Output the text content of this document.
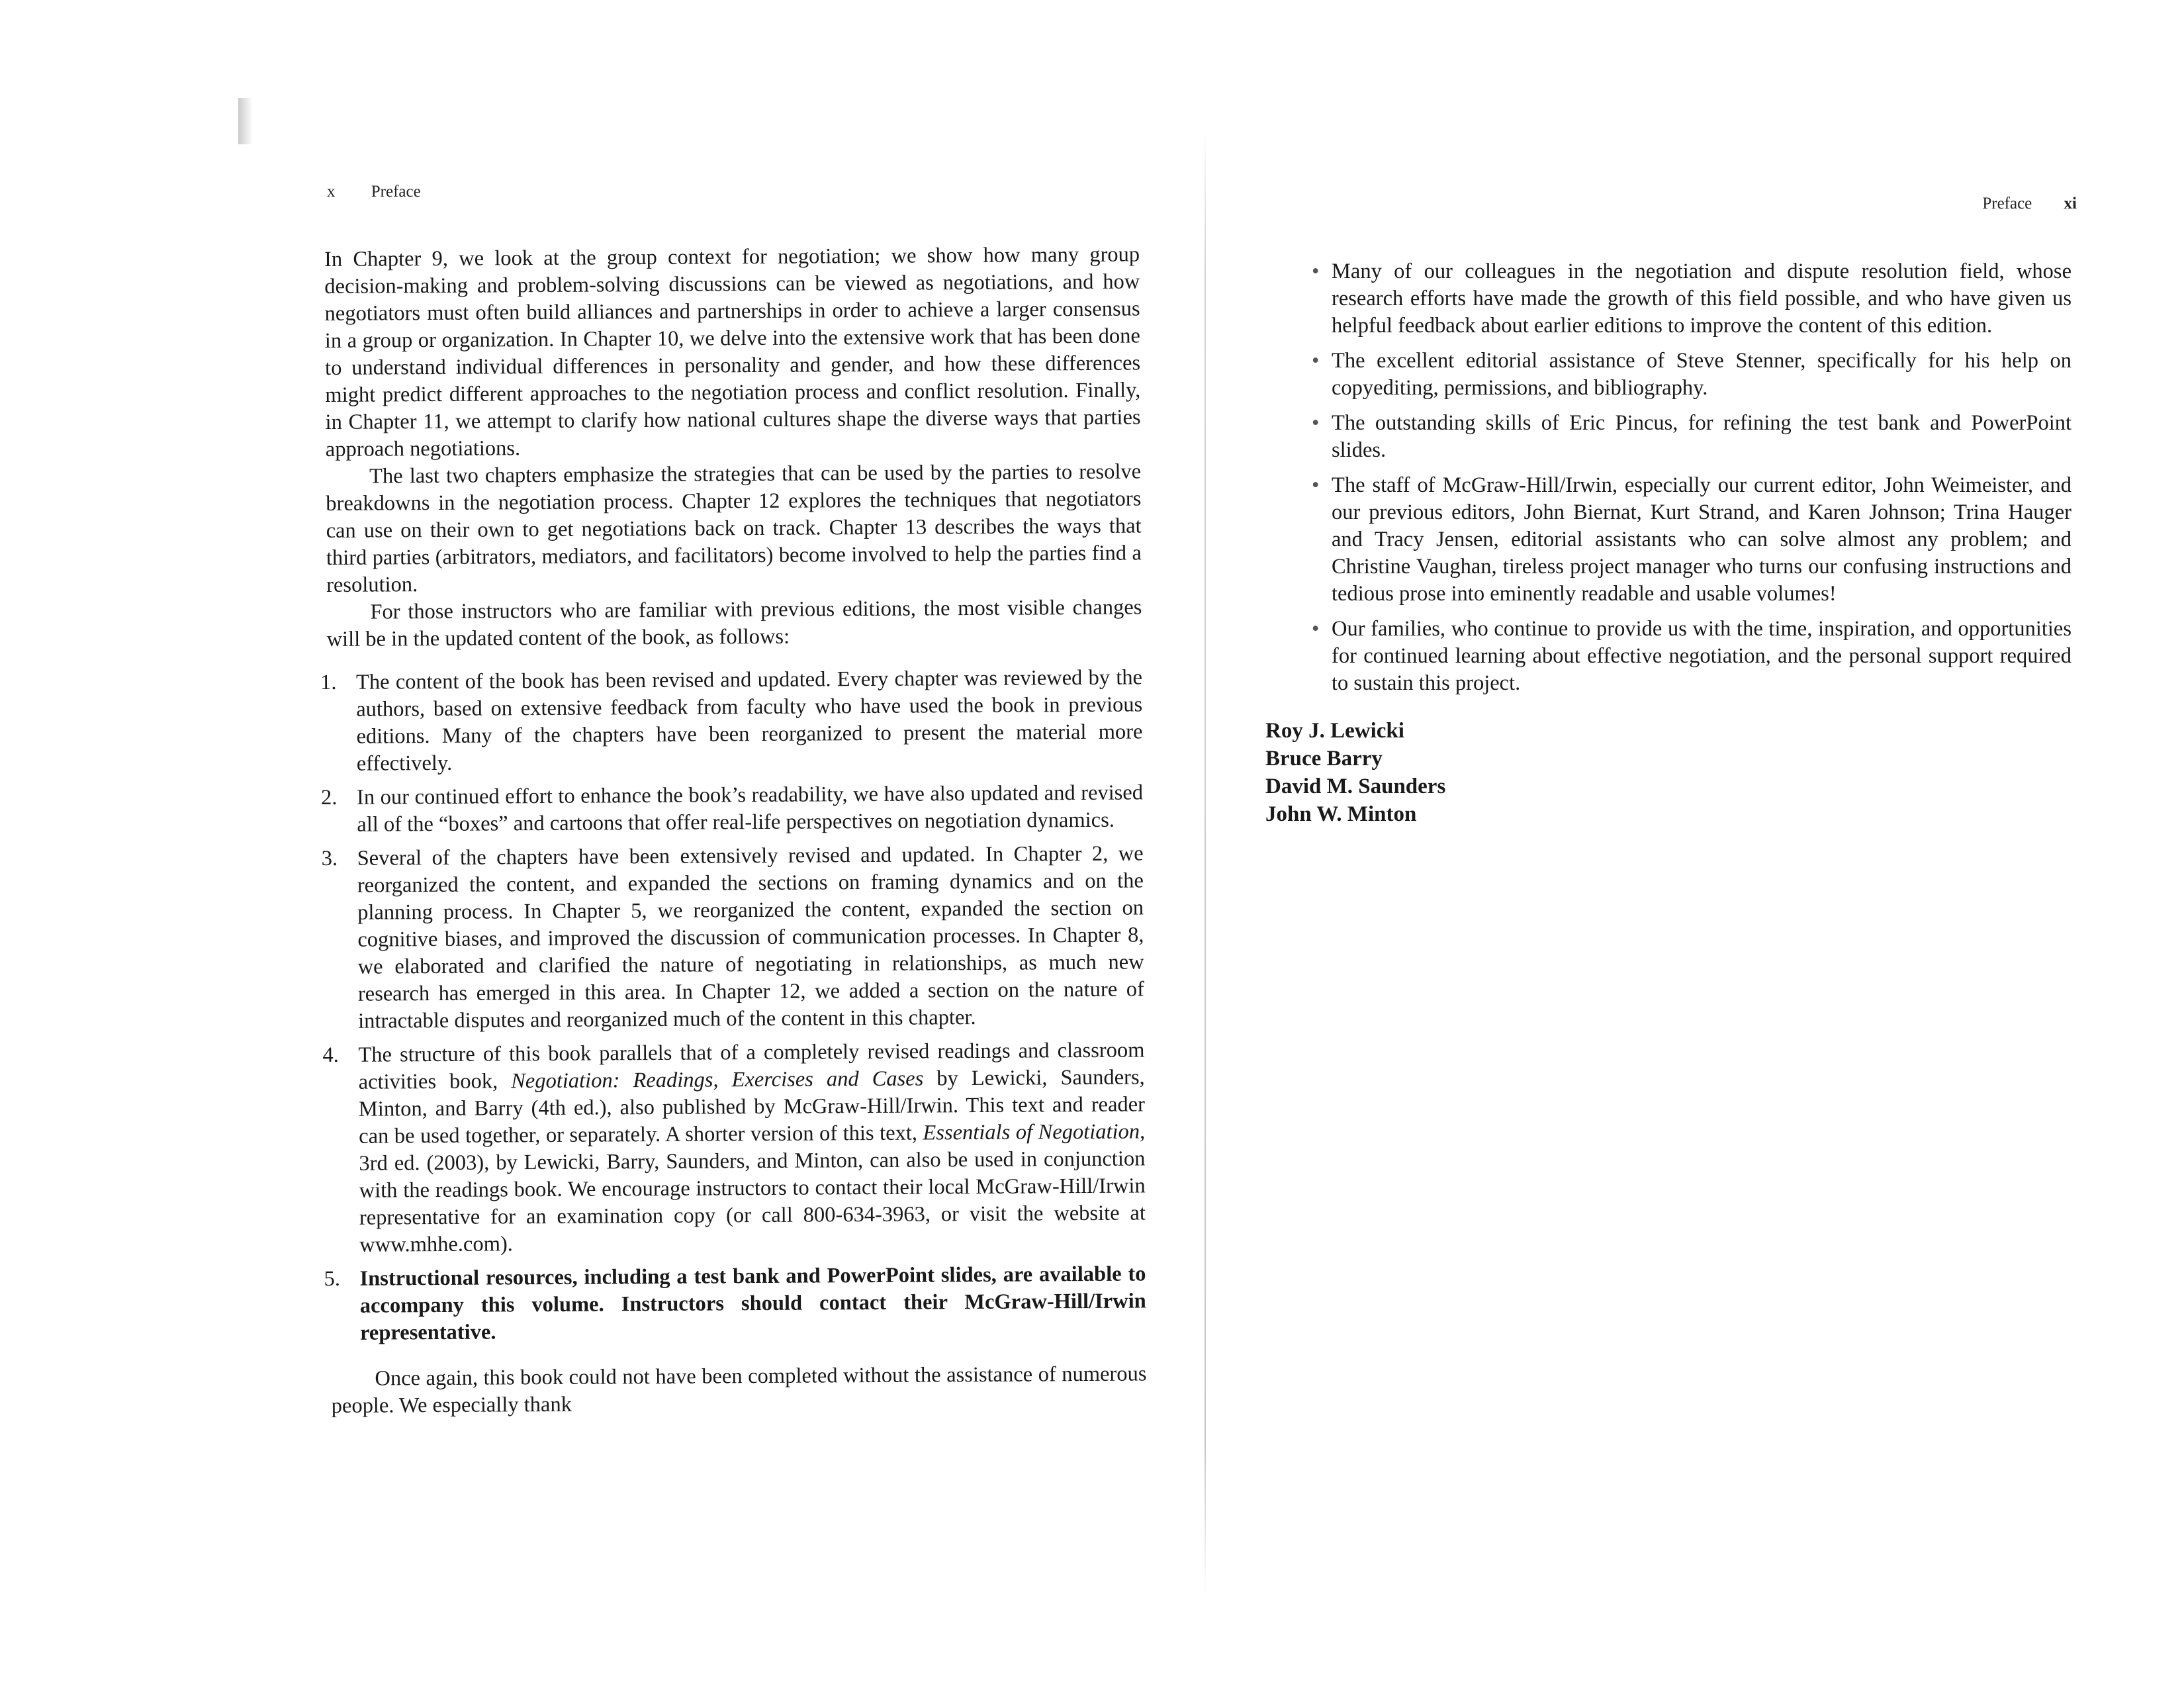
x Preface
Preface xi

In Chapter 9, we look at the group context for negotiation; we show how many group decision-making and problem-solving discussions can be viewed as negotiations, and how negotiators must often build alliances and partnerships in order to achieve a larger consensus in a group or organization. In Chapter 10, we delve into the extensive work that has been done to understand individual differences in personality and gender, and how these differences might predict different approaches to the negotiation process and conflict resolution. Finally, in Chapter 11, we attempt to clarify how national cultures shape the diverse ways that parties approach negotiations.

The last two chapters emphasize the strategies that can be used by the parties to resolve breakdowns in the negotiation process. Chapter 12 explores the techniques that negotiators can use on their own to get negotiations back on track. Chapter 13 describes the ways that third parties (arbitrators, mediators, and facilitators) become involved to help the parties find a resolution.

For those instructors who are familiar with previous editions, the most visible changes will be in the updated content of the book, as follows:

1. The content of the book has been revised and updated. Every chapter was reviewed by the authors, based on extensive feedback from faculty who have used the book in previous editions. Many of the chapters have been reorganized to present the material more effectively.
2. In our continued effort to enhance the book’s readability, we have also updated and revised all of the “boxes” and cartoons that offer real-life perspectives on negotiation dynamics.
3. Several of the chapters have been extensively revised and updated. In Chapter 2, we reorganized the content, and expanded the sections on framing dynamics and on the planning process. In Chapter 5, we reorganized the content, expanded the section on cognitive biases, and improved the discussion of communication processes. In Chapter 8, we elaborated and clarified the nature of negotiating in relationships, as much new research has emerged in this area. In Chapter 12, we added a section on the nature of intractable disputes and reorganized much of the content in this chapter.
4. The structure of this book parallels that of a completely revised readings and classroom activities book, Negotiation: Readings, Exercises and Cases by Lewicki, Saunders, Minton, and Barry (4th ed.), also published by McGraw-Hill/Irwin. This text and reader can be used together, or separately. A shorter version of this text, Essentials of Negotiation, 3rd ed. (2003), by Lewicki, Barry, Saunders, and Minton, can also be used in conjunction with the readings book. We encourage instructors to contact their local McGraw-Hill/Irwin representative for an examination copy (or call 800-634-3963, or visit the website at www.mhhe.com).
5. Instructional resources, including a test bank and PowerPoint slides, are available to accompany this volume. Instructors should contact their McGraw-Hill/Irwin representative.

Once again, this book could not have been completed without the assistance of numerous people. We especially thank

• Many of our colleagues in the negotiation and dispute resolution field, whose research efforts have made the growth of this field possible, and who have given us helpful feedback about earlier editions to improve the content of this edition.
• The excellent editorial assistance of Steve Stenner, specifically for his help on copyediting, permissions, and bibliography.
• The outstanding skills of Eric Pincus, for refining the test bank and PowerPoint slides.
• The staff of McGraw-Hill/Irwin, especially our current editor, John Weimeister, and our previous editors, John Biernat, Kurt Strand, and Karen Johnson; Trina Hauger and Tracy Jensen, editorial assistants who can solve almost any problem; and Christine Vaughan, tireless project manager who turns our confusing instructions and tedious prose into eminently readable and usable volumes!
• Our families, who continue to provide us with the time, inspiration, and opportunities for continued learning about effective negotiation, and the personal support required to sustain this project.
Roy J. Lewicki
Bruce Barry
David M. Saunders
John W. Minton
